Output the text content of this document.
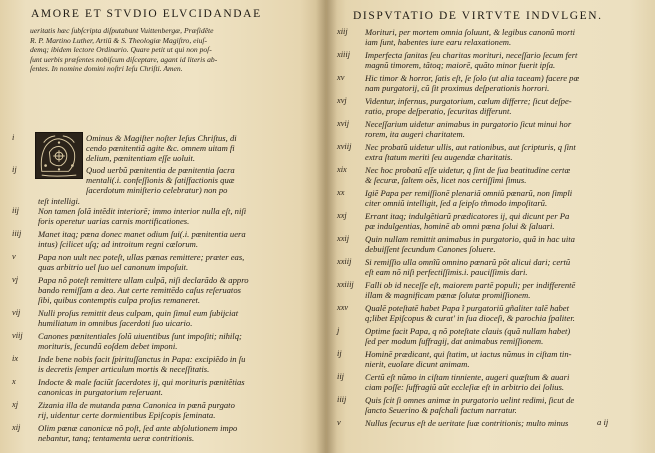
AMORE ET STVDIO ELVCIDANDAE
ueritatis hæc ſubſcripta diſputabunt Vuittenbergæ, Præſidēte
R. P. Martino Luther, Artiũ & S. Theologiæ Magiſtro, eiuſ-
demq; ibidem lectore Ordinario. Quare petit ut qui non poſ-
ſunt uerbis præſentes nobiſcum diſceptare, agant id literis ab-
ſentes. In nomine domini noſtri Ieſu Chriſti. Amen.
i	Ominus & Magiſter noſter Ieſus Chriſtus, di
cendo pœnitentiã agite &c. omnem uitam fi
delium, pœnitentiam eſſe uoluit.
ij	Quod uerbũ pœnitentia de pœnitentia ſacra
mentali(.i. confeſſionis & ſatiſfactionis quæ
ſacerdotum miniſterio celebratur) non po
teſt intelligi.
iij Non tamen ſolã intẽdit interiorē; immo interior nulla eſt, niſi
foris operetur uarias carnis mortificationes.
iiij Manet itaq; pœna donec manet odium ſui(.i. pœnitentia uera
intus) ſcilicet uſq; ad introitum regni cælorum.
v	Papa non uult nec poteſt, ullas pœnas remittere; præter eas,
quas arbitrio uel ſuo uel canonum impoſuit.
vj Papa nõ poteſt remittere ullam culpã, niſi declarãdo & appro
bando remiſſam a deo. Aut certe remittēdo caſus reſeruatos
ſibi, quibus contemptis culpa proſus remaneret.
vij Nulli proſus remittit deus culpam, quin ſimul eum ſubijciat
humiliatum in omnibus ſacerdoti ſuo uicario.
viij Canones pœnitentiales ſolũ uiuentibus ſunt impoſiti; nihilq;
morituris, ſecundũ eoſdem debet imponi.
ix Inde bene nobis facit ſpirituſſanctus in Papa: excipiẽdo in ſu
is decretis ſemper articulum mortis & neceſſitatis.
x	Indocte & male faciũt ſacerdotes ij, qui morituris pœnitẽtias
canonicas in purgatorium reſeruant.
xj Zizania illa de mutanda pœna Canonica in pœnã purgato
rij, uidentur certe dormientibus Epiſcopis ſeminata.
xij Olim pœnæ canonicæ nõ poſt, ſed ante abſolutionem impo
nebantur, tanq; tentamenta ueræ contritionis.
DISPVTATIO DE VIRTVTE INDVLGEN.
xiij Morituri, per mortem omnia ſoluunt, & legibus canonũ morti
iam ſunt, habentes iure earu relaxationem.
xiiij Imperfecta ſanitas ſeu charitas morituri, neceſſario ſecum fert
magnũ timorem, tãtoq; maiorē, quãto minor fuerit ipſa.
xv Hic timor & horror, ſatis eſt, ſe ſolo (ut alia taceam) facere pœ
nam purgatorij, cũ ſit proximus deſperationis horrori.
xvj Videntur, infernus, purgatorium, cælum differre; ſicut deſpe-
ratio, prope deſperatio, ſecuritas differunt.
xvij Neceſſarium uidetur animabus in purgatorio ſicut minui hor
rorem, ita augeri charitatem.
xviij Nec probatũ uidetur ullis, aut rationibus, aut ſcripturis, q ſint
extra ſtatum meriti ſeu augendæ charitatis.
xix Nec hoc probatũ eſſe uidetur, q ſint de ſua beatitudine certæ
& ſecuræ, ſaltem oẽs, licet nos certiſſimi ſimus.
xx Igiẽ Papa per remiſſionē plenariã omniũ pœnarũ, non ſimpli
citer omniũ intelligit, ſed a ſeipſo tñmodo impoſitarũ.
xxj Errant itaq; indulgẽtiarũ prædicatores ij, qui dicunt per Pa
pæ indulgentias, hominē ab omni pœna ſolui & ſaluari.
xxij Quin nullam remittit animabus in purgatorio, quã in hac uita
debuiſſent ſecundum Canones ſoluere.
xxiij Si remiſſio ulla omnĩũ omnino pœnarũ pōt alicui dari; certũ
eſt eam nõ niſi perfectiſſimis.i. pauciſſimis dari.
xxiiij Falli ob id neceſſe eſt, maiorem partē populi; per indifferentē
illam & magnificam pœnæ ſolutæ promiſſionem.
xxv Qualē poteſtatē habet Papa ĩ purgatoriũ gñaliter talē habet
q;libet Epiſcopus & curat' in ſua dioceſi, & parochia ſpaliter.
j	Optime facit Papa, q nõ poteſtate clauis (quã nullam habet)
ſed per modum ſuffragij, dat animabus remiſſionem.
ij	Hominē prædicant, qui ſtatim, ut iactus nũmus in ciſtam tin-
nierit, euolare dicunt animam.
iij Certũ eſt nũmo in ciſtam tinniente, augeri quæſtum & auari
ciam poſſe: ſuffragiũ aũt eccleſiæ eſt in arbitrio dei ſolius.
iiij Quis ſcit ſi omnes animæ in purgatorio uelint redimi, ſicut de
ſancto Seuerino & paſchali factum narratur.
v	Nullus ſecurus eſt de ueritate ſuæ contritionis; multo minus	a ij
